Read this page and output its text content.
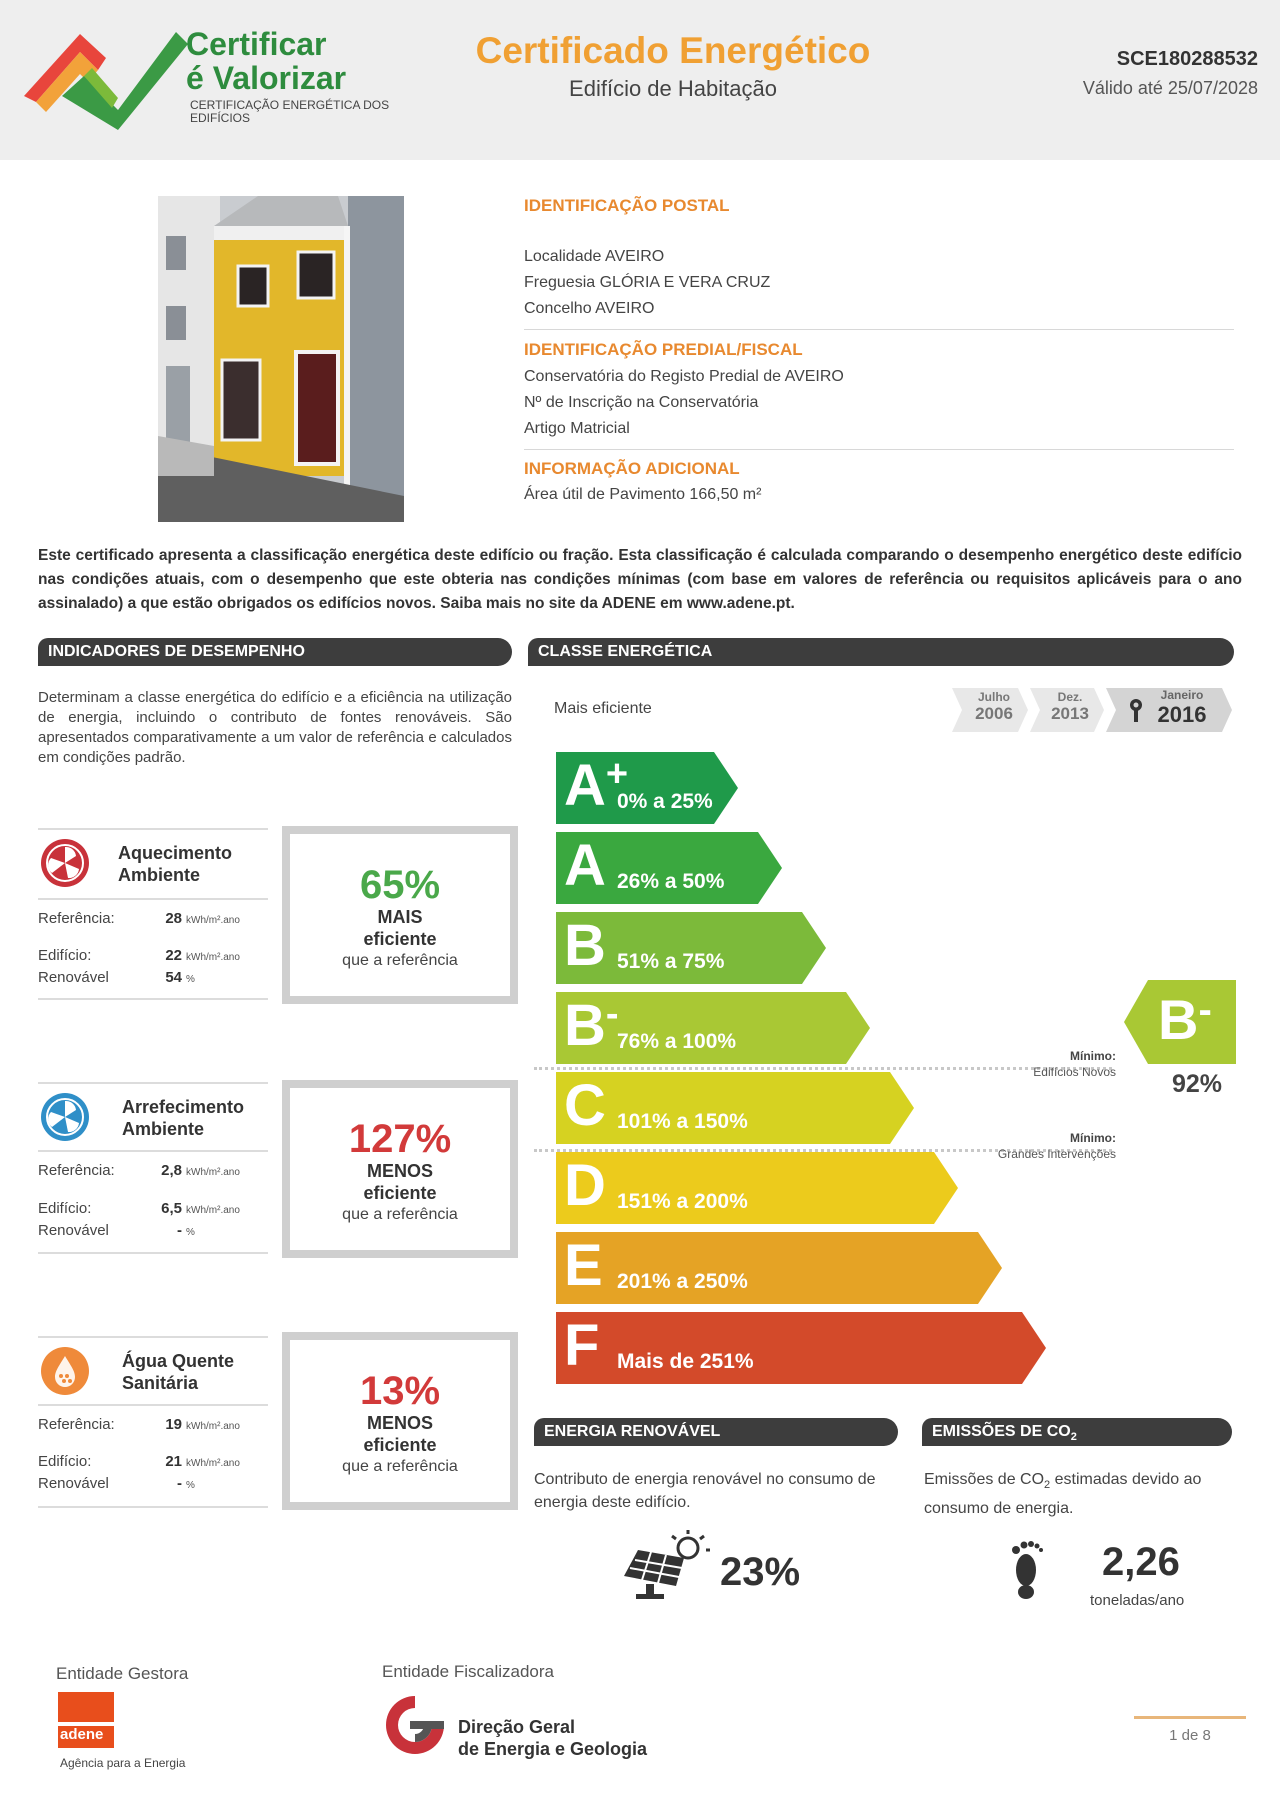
Certificar
é Valorizar
CERTIFICAÇÃO ENERGÉTICA DOS EDIFÍCIOS
Certificado Energético
Edifício de Habitação
SCE180288532
Válido até 25/07/2028
IDENTIFICAÇÃO POSTAL
Localidade AVEIRO
Freguesia GLÓRIA E VERA CRUZ
Concelho AVEIRO
IDENTIFICAÇÃO PREDIAL/FISCAL
Conservatória do Registo Predial de AVEIRO
Nº de Inscrição na Conservatória
Artigo Matricial
INFORMAÇÃO ADICIONAL
Área útil de Pavimento 166,50 m²
Este certificado apresenta a classificação energética deste edifício ou fração. Esta classificação é calculada comparando o desempenho energético deste edifício nas condições atuais, com o desempenho que este obteria nas condições mínimas (com base em valores de referência ou requisitos aplicáveis para o ano assinalado) a que estão obrigados os edifícios novos. Saiba mais no site da ADENE em www.adene.pt.
INDICADORES DE DESEMPENHO	CLASSE ENERGÉTICA
Determinam a classe energética do edifício e a eficiência na utilização de energia, incluindo o contributo de fontes renováveis. São apresentados comparativamente a um valor de referência e calculados em condições padrão.
Aquecimento Ambiente
Referência:	28 kWh/m².ano
Edifício:	22 kWh/m².ano
Renovável	54 %
65%
MAIS
eficiente
que a referência
Arrefecimento Ambiente
Referência:	2,8 kWh/m².ano
Edifício:	6,5 kWh/m².ano
Renovável	- %
127%
MENOS
eficiente
que a referência
Água Quente Sanitária
Referência:	19 kWh/m².ano
Edifício:	21 kWh/m².ano
Renovável	- %
13%
MENOS
eficiente
que a referência
Mais eficiente
Julho
2006
Dez.
2013
Janeiro
2016
A+
0% a 25%
A 26% a 50%
B 51% a 75%
B-
76% a 100%
C 101% a 150%
D 151% a 200%
E 201% a 250%
F Mais de 251%
Mínimo:
Edifícios Novos
Mínimo:
Grandes Intervenções
B-
92%
ENERGIA RENOVÁVEL	EMISSÕES DE $CO_2$
Contributo de energia renovável no consumo de energia deste edifício.
Emissões de $CO_2$ estimadas devido ao consumo de energia.
23%	2,26
toneladas/ano
Entidade Gestora
adene
Agência para a Energia
Entidade Fiscalizadora
Direção Geral
de Energia e Geologia
1 de 8
